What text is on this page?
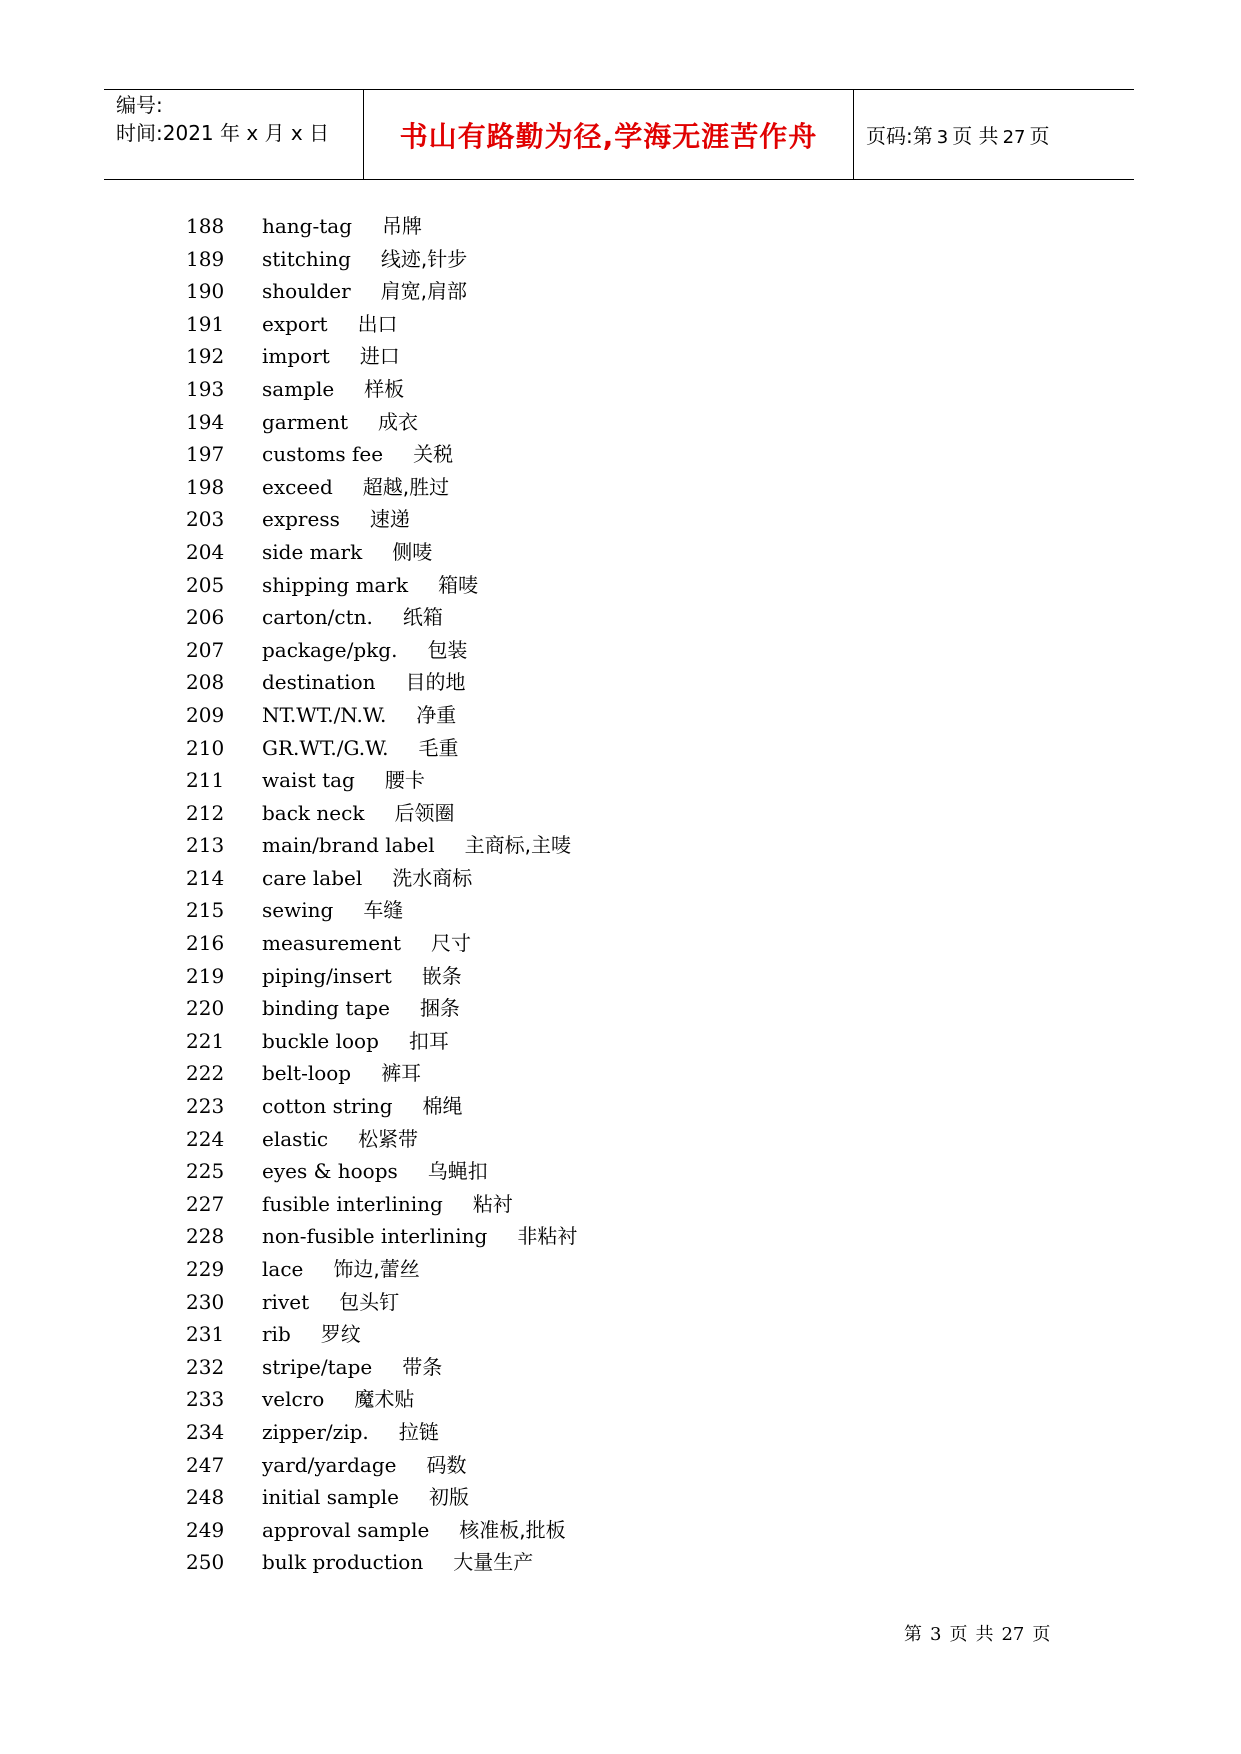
编号:
时间:2021 年 x 月 x 日	书山有路勤为径,学海无涯苦作舟 页码:第 3 页 共 27 页
188 hang-tag 吊牌
189 stitching 线迹,针步
190 shoulder 肩宽,肩部
191 export 出口
192 import 进口
193 sample 样板
194 garment 成衣
197 customs fee 关税
198 exceed 超越,胜过
203 express 速递
204 side mark 侧唛
205 shipping mark 箱唛
206 carton/ctn. 纸箱
207 package/pkg. 包装
208 destination 目的地
209 NT.WT./N.W. 净重
210 GR.WT./G.W. 毛重
211 waist tag 腰卡
212 back neck 后领圈
213 main/brand label 主商标,主唛
214 care label 洗水商标
215 sewing 车缝
216 measurement 尺寸
219 piping/insert 嵌条
220 binding tape 捆条
221 buckle loop 扣耳
222 belt-loop 裤耳
223 cotton string 棉绳
224 elastic 松紧带
225 eyes & hoops 乌蝇扣
227 fusible interlining 粘衬
228 non-fusible interlining 非粘衬
229 lace 饰边,蕾丝
230 rivet 包头钉
231 rib 罗纹
232 stripe/tape 带条
233 velcro 魔术贴
234 zipper/zip. 拉链
247 yard/yardage 码数
248 initial sample 初版
249 approval sample 核准板,批板
250 bulk production 大量生产
第 3 页 共 27 页
